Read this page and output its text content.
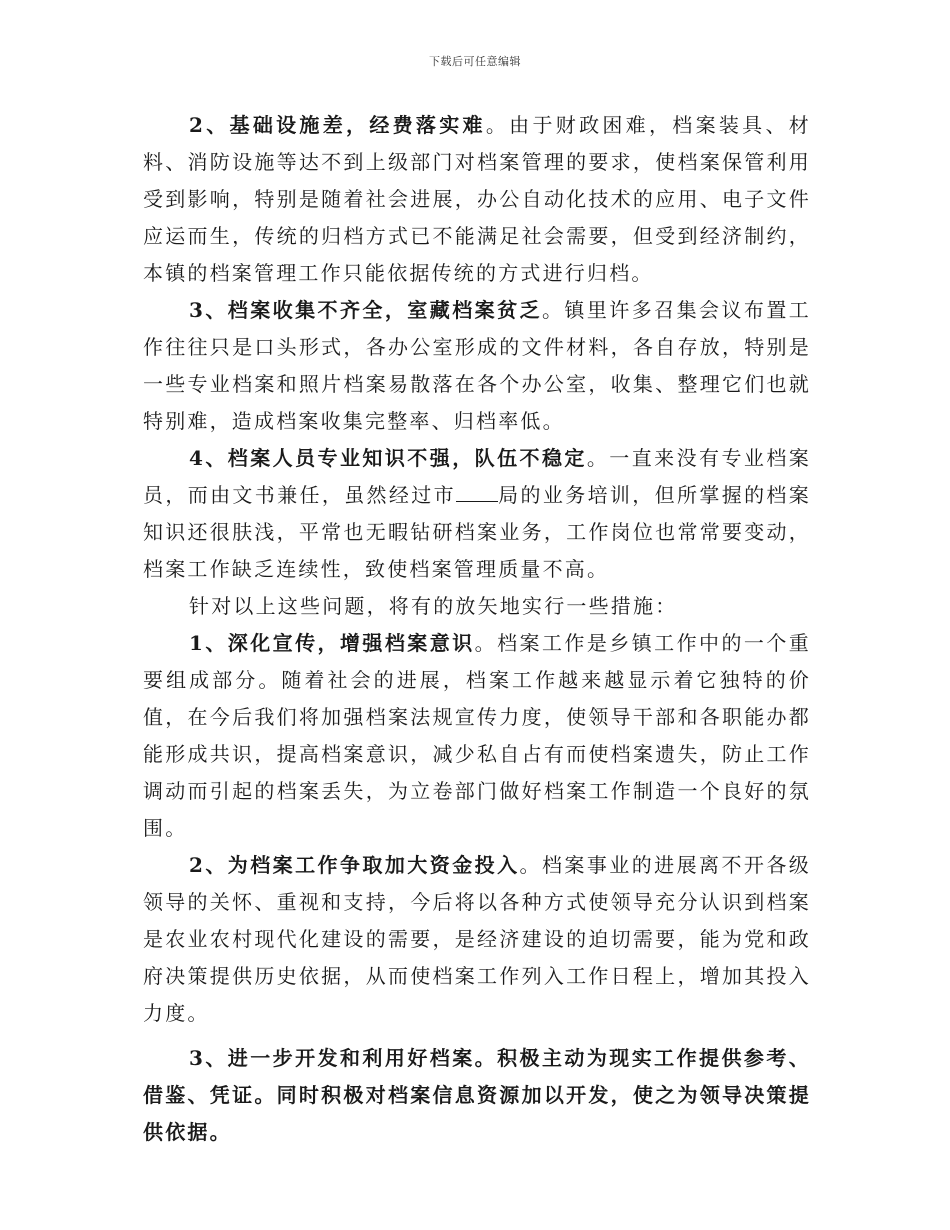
下载后可任意编辑

2、基础设施差，经费落实难。由于财政困难，档案装具、材料、消防设施等达不到上级部门对档案管理的要求，使档案保管利用受到影响，特别是随着社会进展，办公自动化技术的应用、电子文件应运而生，传统的归档方式已不能满足社会需要，但受到经济制约，本镇的档案管理工作只能依据传统的方式进行归档。

3、档案收集不齐全，室藏档案贫乏。镇里许多召集会议布置工作往往只是口头形式，各办公室形成的文件材料，各自存放，特别是一些专业档案和照片档案易散落在各个办公室，收集、整理它们也就特别难，造成档案收集完整率、归档率低。

4、档案人员专业知识不强，队伍不稳定。一直来没有专业档案员，而由文书兼任，虽然经过市 局的业务培训，但所掌握的档案知识还很肤浅，平常也无暇钻研档案业务，工作岗位也常常要变动，档案工作缺乏连续性，致使档案管理质量不高。

针对以上这些问题，将有的放矢地实行一些措施：

1、深化宣传，增强档案意识。档案工作是乡镇工作中的一个重要组成部分。随着社会的进展，档案工作越来越显示着它独特的价值，在今后我们将加强档案法规宣传力度，使领导干部和各职能办都能形成共识，提高档案意识，减少私自占有而使档案遗失，防止工作调动而引起的档案丢失，为立卷部门做好档案工作制造一个良好的氛围。

2、为档案工作争取加大资金投入。档案事业的进展离不开各级领导的关怀、重视和支持，今后将以各种方式使领导充分认识到档案是农业农村现代化建设的需要，是经济建设的迫切需要，能为党和政府决策提供历史依据，从而使档案工作列入工作日程上，增加其投入力度。

3、进一步开发和利用好档案。积极主动为现实工作提供参考、借鉴、凭证。同时积极对档案信息资源加以开发，使之为领导决策提供依据。
